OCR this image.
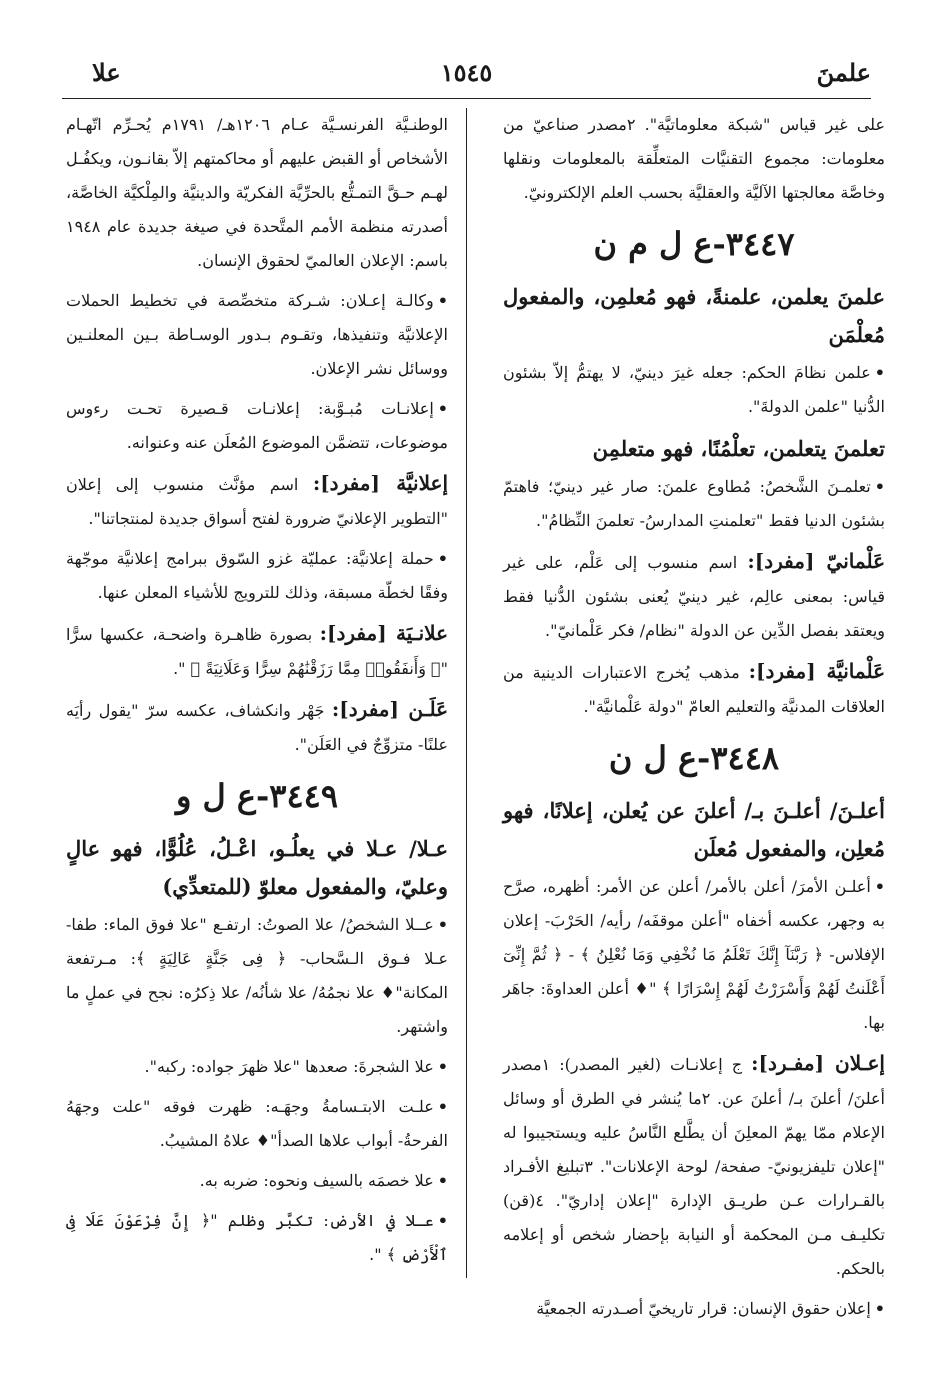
علا	١٥٤٥	علمنَ

على غير قياس "شبكة معلوماتيَّة". ٢مصدر صناعيّ من معلومات: مجموع التقنيَّات المتعلِّقة بالمعلومات ونقلها وخاصَّة معالجتها الآليَّة والعقليَّة بحسب العلم الإلكترونيّ.

٣٤٤٧-ع ل م ن
علمنَ يعلمن، علمنةً، فهو مُعلمِن، والمفعول مُعلْمَن

•علمن نظامَ الحكم: جعله غيرَ دينيّ، لا يهتمُّ إلاّ بشئون الدُّنيا "علمن الدولةَ".

تعلمنَ يتعلمن، تعلْمُنًا، فهو متعلمِن

•تعلمـنَ الشَّخصُ: مُطاوع علمنَ: صار غير دينيّ؛ فاهتمّ بشئون الدنيا فقط "تعلمنتِ المدارسُ- تعلمنَ النِّظامُ".

عَلْمانيّ [مفرد]: اسم منسوب إلى عَلْم، على غير قياس: بمعنى عالِم، غير دينيّ يُعنى بشئون الدُّنيا فقط ويعتقد بفصل الدِّين عن الدولة "نظام/ فكر عَلْمانيّ".

عَلْمانيَّة [مفرد]: مذهب يُخرج الاعتبارات الدينية من العلاقات المدنيَّة والتعليم العامّ "دولة عَلْمانيَّة".

٣٤٤٨-ع ل ن
أعلـنَ/ أعلـنَ بـ/ أعلنَ عن يُعلن، إعلانًا، فهو مُعلِن، والمفعول مُعلَن

•أعلـن الأمرَ/ أعلن بالأمر/ أعلن عن الأمر: أظهره، صرَّح به وجهر، عكسه أخفاه "أعلن موقفَه/ رأيه/ الحَرْبَ- إعلان الإفلاس- ﴿ رَبَّنَآ إِنَّكَ تَعْلَمُ مَا نُخْفِي وَمَا نُعْلِنُ ﴾ - ﴿ ثُمَّ إِنِّىٓ أَعْلَنتُ لَهُمْ وَأَسْرَرْتُ لَهُمْ إِسْرَارًا ﴾ "♦ أعلن العداوةَ: جاهَر بها.

إعـلان [مفـرد]: ج إعلانـات (لغير المصدر): ١مصدر أعلنَ/ أعلنَ بـ/ أعلنَ عن. ٢ما يُنشر في الطرق أو وسائل الإعلام ممّا يهمّ المعلِنَ أن يطَّلع النَّاسُ عليه ويستجيبوا له "إعلان تليفزيونيّ- صفحة/ لوحة الإعلانات". ٣تبليغ الأفـراد بالقـرارات عـن طريـق الإدارة "إعلان إداريّ". ٤(قن) تكليـف مـن المحكمة أو النيابة بإحضار شخص أو إعلامه بالحكم.

•إعلان حقوق الإنسان: قرار تاريخيّ أصـدرته الجمعيَّة

الوطنـيَّة الفرنسـيَّة عـام ١٢٠٦هـ/ ١٧٩١م يُحـرِّم اتّهـام الأشخاص أو القبض عليهم أو محاكمتهم إلاّ بقانـون، ويكفُـل لهـم حـقَّ التمـتُّع بالحرِّيَّة الفكريّة والدينيَّة والمِلْكيَّة الخاصَّة، أصدرته منظمة الأمم المتَّحدة في صيغة جديدة عام ١٩٤٨ باسم: الإعلان العالميّ لحقوق الإنسان.

•وكالـة إعـلان: شـركة متخصِّصة في تخطيط الحملات الإعلانيَّة وتنفيذها، وتقـوم بـدور الوسـاطة بـين المعلنـين ووسائل نشر الإعلان.

•إعلانـات مُبـوَّبة: إعلانـات قـصيرة تحـت رءوس موضوعات، تتضمَّن الموضوع المُعلَن عنه وعنوانه.

إعلانيَّة [مفرد]: اسم مؤنَّث منسوب إلى إعلان "التطوير الإعلانيّ ضرورة لفتح أسواق جديدة لمنتجاتنا".

•حملة إعلانيَّة: عمليّة غزو السّوق ببرامج إعلانيَّة موجّهة وفقًا لخطّة مسبقة، وذلك للترويج للأشياء المعلن عنها.

علانـيَة [مفرد]: بصورة ظاهـرة واضحـة، عكسها سرًّا "﴿ وَأَنفَقُوا۟ مِمَّا رَزَقْنَٰهُمْ سِرًّا وَعَلَانِيَةً ﴾ ".

عَلَـن [مفرد]: جَهْر وانكشاف، عكسه سرّ "يقول رأيَه علنًا- متزوِّجٌ في العَلَن".

٣٤٤٩-ع ل و
عـلا/ عـلا في يعلُـو، اعْـلُ، عُلُوًّا، فهو عالٍ وعليّ، والمفعول معلوّ (للمتعدِّي)

•عــلا الشخصُ/ علا الصوتُ: ارتفـع "علا فوق الماء: طفا- عـلا فـوق الـسَّحاب- ﴿ فِى جَنَّةٍ عَالِيَةٍ ﴾: مـرتفعة المكانة"♦ علا نجمُهُ/ علا شأنُه/ علا ذِكرُه: نجح في عملٍ ما واشتهر.

•علا الشجرةَ: صعدها "علا ظهرَ جواده: ركبه".

•علـت الابتـسامةُ وجهَـه: ظهرت فوقه "علت وجهَهُ الفرحةُ- أبواب علاها الصدأ"♦ علاهُ المشيبُ.

•علا خصمَه بالسيف ونحوه: ضربه به.

•عـلا في الأرض: تكبَّر وظلم "﴿ إِنَّ فِرْعَوْنَ عَلَا فِى ٱلْأَرْضِ ﴾ ".
